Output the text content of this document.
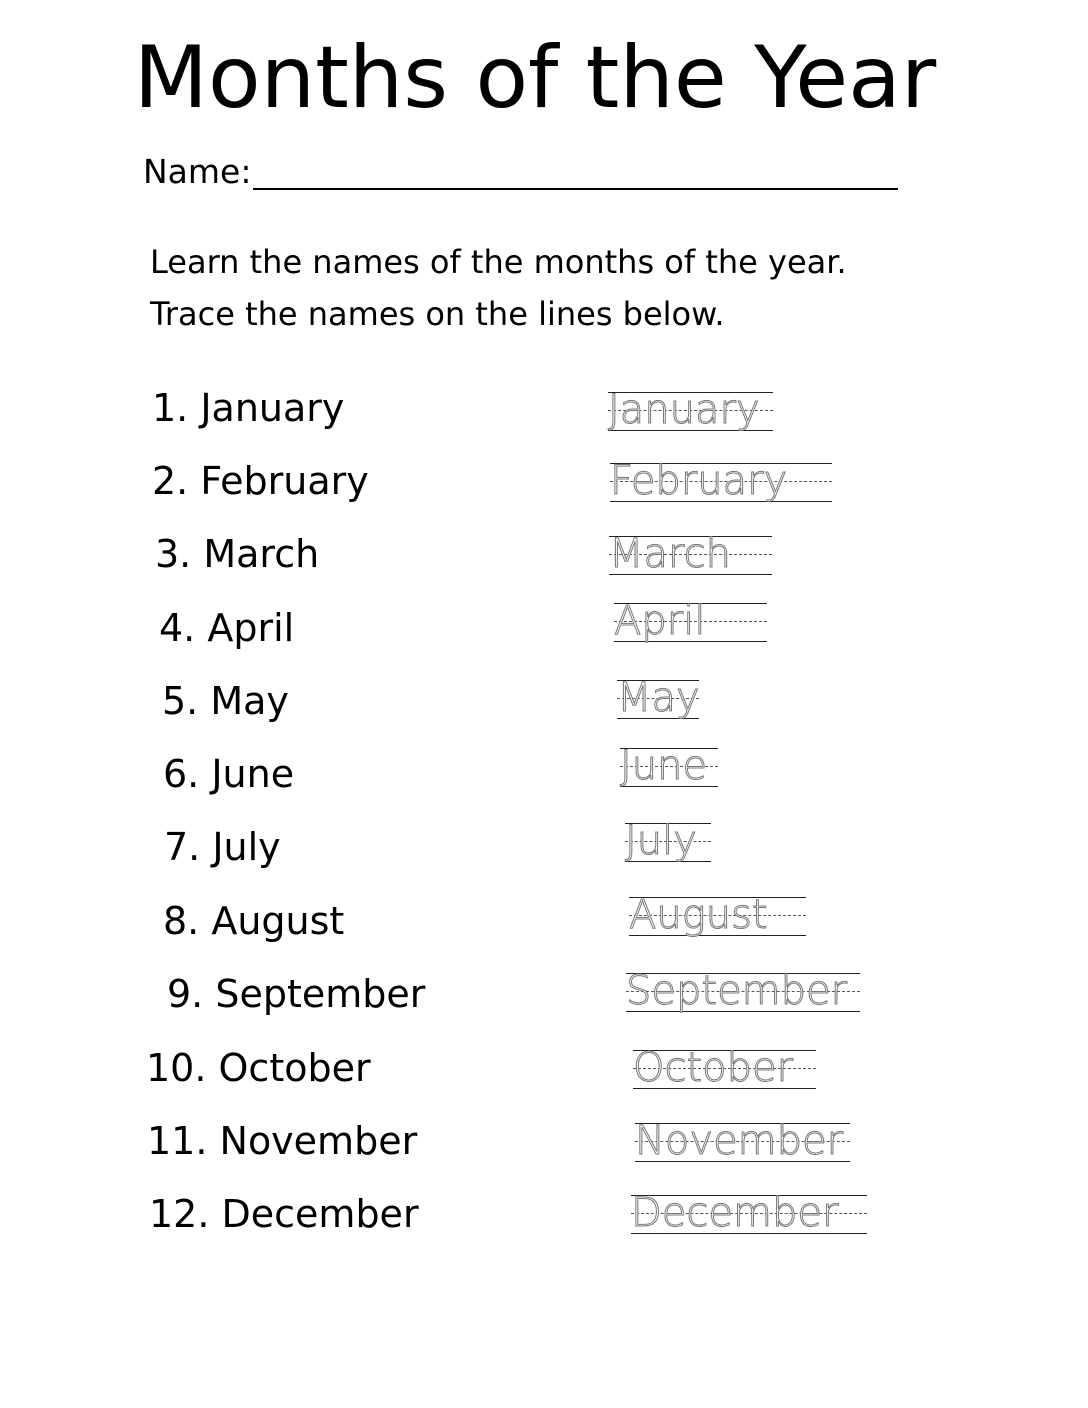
Months of the Year
Name:
Learn the names of the months of the year.
Trace the names on the lines below.
1. January	January
2. February	February
3. March	March
4. April	April
5. May	May
6. June	June
7. July	July
8. August	August
9. September	September
10. October	October
11. November	November
12. December	December
